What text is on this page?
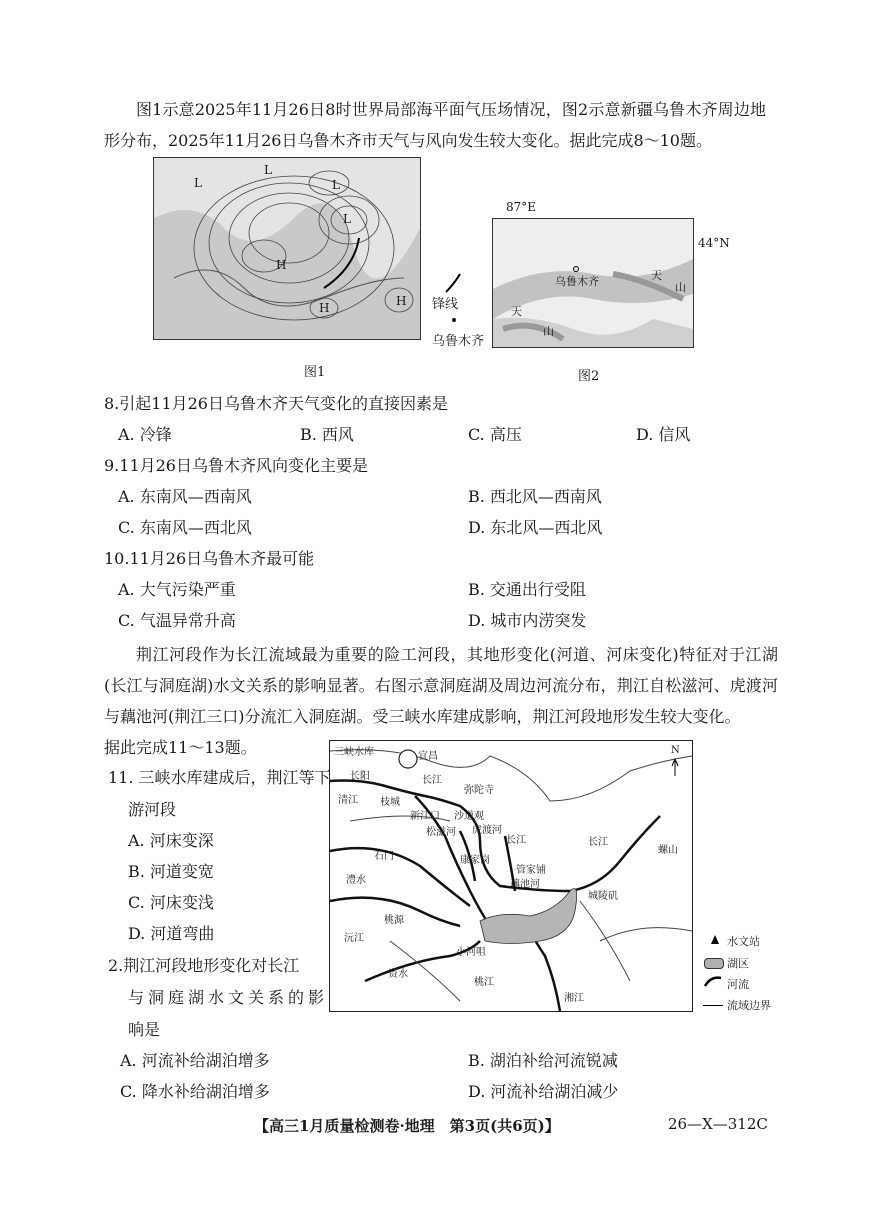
图1示意2025年11月26日8时世界局部海平面气压场情况，图2示意新疆乌鲁木齐周边地形分布，2025年11月26日乌鲁木齐市天气与风向发生较大变化。据此完成8～10题。
L
L
L
L
H
H	H 锋线
乌鲁木齐
图1
87°E
乌鲁木齐	天
山
天
山
44°N
图2
8.引起11月26日乌鲁木齐天气变化的直接因素是
A. 冷锋	B. 西风	C. 高压	D. 信风
9.11月26日乌鲁木齐风向变化主要是
A. 东南风—西南风	B. 西北风—西南风
C. 东南风—西北风	D. 东北风—西北风
10.11月26日乌鲁木齐最可能
A. 大气污染严重	B. 交通出行受阻
C. 气温异常升高	D. 城市内涝突发
荆江河段作为长江流域最为重要的险工河段，其地形变化(河道、河床变化)特征对于江湖(长江与洞庭湖)水文关系的影响显著。右图示意洞庭湖及周边河流分布，荆江自松滋河、虎渡河与藕池河(荆江三口)分流汇入洞庭湖。受三峡水库建成影响，荆江河段地形发生较大变化。
据此完成11～13题。	三峡水库	宜昌
长阳	长江
清江 枝城
弥陀寺
新江口 沙道观
虎渡河
松滋河
长江	长江
螺山
石门	康家岗
管家铺
藕池河
澧水
城陵矶
桃源
沅江
小河咀
资水
桃江
湘江
N
水文站
湖区
河流
流域边界
11. 三峡水库建成后，荆江等下
游河段
A. 河床变深
B. 河道变宽
C. 河床变浅
D. 河道弯曲
2.荆江河段地形变化对长江
与洞庭湖水文关系的影
响是
A. 河流补给湖泊增多	B. 湖泊补给河流锐减
C. 降水补给湖泊增多	D. 河流补给湖泊减少
【高三1月质量检测卷·地理　第3页(共6页)】	26—X—312C
